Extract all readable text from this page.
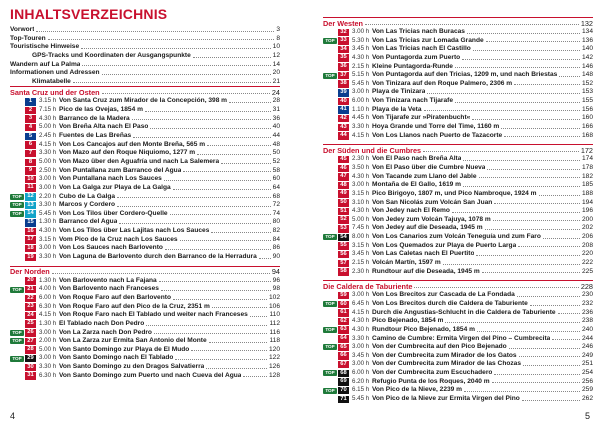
INHALTSVERZEICHNIS
Vorwort	3
Top-Touren	8
Touristische Hinweise	10
GPS-Tracks und Koordinaten der Ausgangspunkte	12
Wandern auf La Palma	14
Informationen und Adressen	20
Klimatabelle	21
Santa Cruz und der Osten	24
1	3.15 h Von Santa Cruz zum Mirador de la Concepción, 398 m	28
2	7.15 h Pico de las Ovejas, 1854 m	31
3	4.30 h Barranco de la Madera	36
4	5.00 h Von Breña Alta nach El Paso	40
5	2.45 h Fuentes de Las Breñas	44
6	4.15 h Von Los Cancajos auf den Monte Breña, 565 m	48
7	3.30 h Von Mazo auf den Roque Niquiomo, 1277 m	50
8	5.00 h Von Mazo über den Aguafría und nach La Salemera	52
9	2.50 h Von Puntallana zum Barranco del Agua	58
10 3.00 h Von Puntallana nach Los Sauces	60
11 3.00 h Von La Galga zur Playa de La Galga	64
TOP 12 2.20 h Cubo de La Galga	68
TOP 13 3.30 h Marcos y Cordero	72
TOP 14 5.45 h Von Los Tilos über Cordero-Quelle	74
15 1.30 h Barranco del Agua	80
16 4.30 h Von Los Tilos über Las Lajitas nach Los Sauces	82
17 3.15 h Vom Pico de la Cruz nach Los Sauces	84
18 3.00 h Von Los Sauces nach Barlovento	86
19 3.30 h Von Laguna de Barlovento durch den Barranco de la Herradura 90
Der Norden	94
20 1.30 h Von Barlovento nach La Fajana	96
TOP 21 4.00 h Von Barlovento nach Franceses	98
22 6.00 h Von Roque Faro auf den Barlovento	102
23 6.30 h Von Roque Faro auf den Pico de la Cruz, 2351 m	106
24 4.15 h Von Roque Faro nach El Tablado und weiter nach Franceses	110
25 1.30 h El Tablado nach Don Pedro	112
TOP 26 3.00 h Von La Zarza nach Don Pedro	116
TOP 27 2.00 h Von La Zarza zur Ermita San Antonio del Monte	118
28 5.00 h Von Santo Domingo zur Playa de El Mudo	120
TOP 29 3.00 h Von Santo Domingo nach El Tablado	122
30 3.30 h Von Santo Domingo zu den Dragos Salvatierra	126
31 6.30 h Von Santo Domingo zum Puerto und nach Cueva del Agua	128
Der Westen	132
32 3.00 h Von Las Tricias nach Buracas	134
TOP 33 5.30 h Von Las Tricias zur Lomada Grande	136
34 3.45 h Von Las Tricias nach El Castillo	140
35 4.30 h Von Puntagorda zum Puerto	142
36 2.15 h Kleine Puntagorda-Runde	146
TOP 37 5.15 h Von Puntagorda auf den Tricias, 1209 m, und nach Briestas	148
38 5.45 h Von Tinizara auf den Roque Palmero, 2306 m	152
39 3.00 h Playa de Tinizara	153
40 6.00 h Von Tinizara nach Tijarafe	155
41 1.10 h Playa de la Veta	156
42 4.45 h Von Tijarafe zur »Piratenbucht«	160
43 3.30 h Hoya Grande und Torre del Time, 1160 m	166
44 4.15 h Von Los Llanos nach Puerto de Tazacorte	168
Der Süden und die Cumbres	172
45 2.30 h Von El Paso nach Breña Alta	174
46 3.50 h Von El Paso über die Cumbre Nueva	178
47 4.30 h Von Tacande zum Llano del Jable	182
48 3.00 h Montaña de El Gallo, 1619 m	185
49 3.15 h Pico Birigoyo, 1807 m, und Pico Nambroque, 1924 m	188
50 3.10 h Von San Nicolás zum Volcán San Juan	194
51 4.30 h Von Jedey nach El Remo	196
52 5.00 h Von Jedey zum Volcán Tajuya, 1078 m	200
53 7.45 h Von Jedey auf die Deseada, 1945 m	202
TOP 54 8.00 h Von Los Canarios zum Volcán Teneguía und zum Faro	206
55 3.15 h Von Los Quemados zur Playa de Puerto Larga	208
56 3.45 h Von Las Caletas nach El Puertito	220
57 2.15 h Volcán Martín, 1597 m	222
58 2.30 h Rundtour auf die Deseada, 1945 m	225
Die Caldera de Taburiente	228
59 3.00 h Von Los Brecitos zur Cascada de La Fondada	230
TOP 60 6.45 h Von Los Brecitos durch die Caldera de Taburiente	232
61 4.15 h Durch die Angustias-Schlucht in die Caldera de Taburiente	236
62 4.30 h Pico Bejenado, 1854 m	238
TOP 63 4.30 h Rundtour Pico Bejenado, 1854 m	240
64 3.30 h Camino de Cumbre: Ermita Virgen del Pino – Cumbrecita	244
TOP 65 3.00 h Von der Cumbrecita auf den Pico Bejenado	246
66 3.45 h Von der Cumbrecita zum Mirador de los Gatos	249
67 3.00 h Von der Cumbrecita zum Mirador de las Chozas	251
TOP 68 6.00 h Von der Cumbrecita zum Escuchadero	254
69 6.20 h Refugio Punta de los Roques, 2040 m	256
TOP 70 6.15 h Von Pico de la Nieve, 2239 m	259
71 5.45 h Von Pico de la Nieve zur Ermita Virgen del Pino	262
4	5
